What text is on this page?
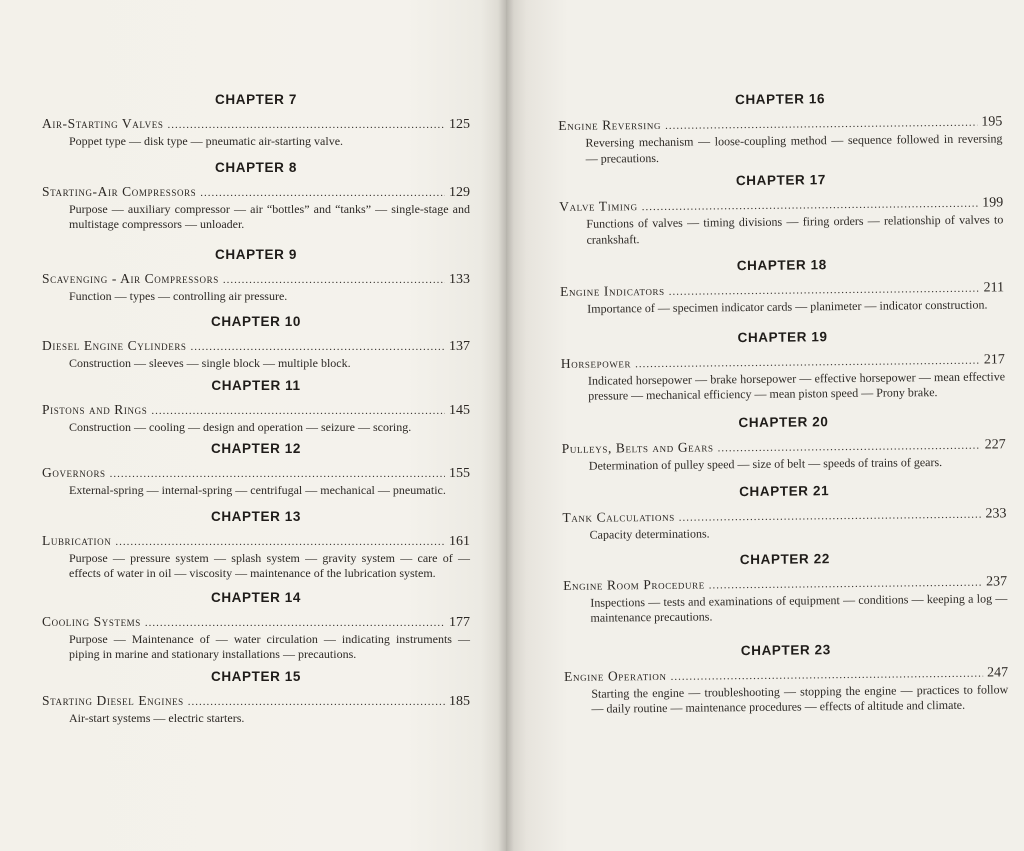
CHAPTER 7
Air-Starting Valves .....	125
Poppet type — disk type — pneumatic air-starting valve.
CHAPTER 8
Starting-Air Compressors .....	129
Purpose — auxiliary compressor — air “bottles” and “tanks” — single-stage and multistage compressors — unloader.
CHAPTER 9
Scavenging - Air Compressors .....	133
Function — types — controlling air pressure.
CHAPTER 10
Diesel Engine Cylinders .....	137
Construction — sleeves — single block — multiple block.
CHAPTER 11
Pistons and Rings .....	145
Construction — cooling — design and operation — seizure — scoring.
CHAPTER 12
Governors .....	155
External-spring — internal-spring — centrifugal — mechanical — pneumatic.
CHAPTER 13
Lubrication .....	161
Purpose — pressure system — splash system — gravity system — care of — effects of water in oil — viscosity — maintenance of the lubrication system.
CHAPTER 14
Cooling Systems .....	177
Purpose — Maintenance of — water circulation — indicating instruments — piping in marine and stationary installations — precautions.
CHAPTER 15
Starting Diesel Engines .....	185
Air-start systems — electric starters.
CHAPTER 16
Engine Reversing .....	195
Reversing mechanism — loose-coupling method — sequence followed in reversing — precautions.
CHAPTER 17
Valve Timing .....	199
Functions of valves — timing divisions — firing orders — relationship of valves to crankshaft.
CHAPTER 18
Engine Indicators .....	211
Importance of — specimen indicator cards — planimeter — indicator construction.
CHAPTER 19
Horsepower .....	217
Indicated horsepower — brake horsepower — effective horsepower — mean effective pressure — mechanical efficiency — mean piston speed — Prony brake.
CHAPTER 20
Pulleys, Belts and Gears .....	227
Determination of pulley speed — size of belt — speeds of trains of gears.
CHAPTER 21
Tank Calculations .....	233
Capacity determinations.
CHAPTER 22
Engine Room Procedure .....	237
Inspections — tests and examinations of equipment — conditions — keeping a log — maintenance precautions.
CHAPTER 23
Engine Operation .....	247
Starting the engine — troubleshooting — stopping the engine — practices to follow — daily routine — maintenance procedures — effects of altitude and climate.
